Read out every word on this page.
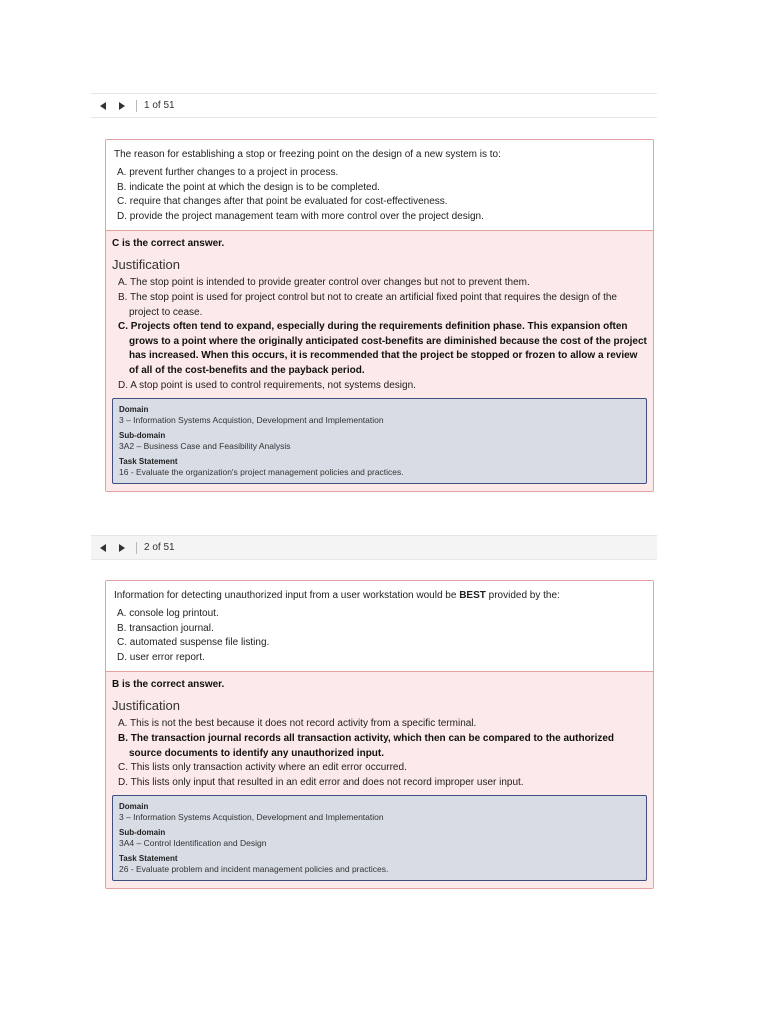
1 of 51
The reason for establishing a stop or freezing point on the design of a new system is to:
A. prevent further changes to a project in process.
B. indicate the point at which the design is to be completed.
C. require that changes after that point be evaluated for cost-effectiveness.
D. provide the project management team with more control over the project design.
C is the correct answer.
Justification
A. The stop point is intended to provide greater control over changes but not to prevent them.
B. The stop point is used for project control but not to create an artificial fixed point that requires the design of the project to cease.
C. Projects often tend to expand, especially during the requirements definition phase. This expansion often grows to a point where the originally anticipated cost-benefits are diminished because the cost of the project has increased. When this occurs, it is recommended that the project be stopped or frozen to allow a review of all of the cost-benefits and the payback period.
D. A stop point is used to control requirements, not systems design.
Domain
3 – Information Systems Acquistion, Development and Implementation
Sub-domain
3A2 – Business Case and Feasibility Analysis
Task Statement
16 - Evaluate the organization's project management policies and practices.
2 of 51
Information for detecting unauthorized input from a user workstation would be BEST provided by the:
A. console log printout.
B. transaction journal.
C. automated suspense file listing.
D. user error report.
B is the correct answer.
Justification
A. This is not the best because it does not record activity from a specific terminal.
B. The transaction journal records all transaction activity, which then can be compared to the authorized source documents to identify any unauthorized input.
C. This lists only transaction activity where an edit error occurred.
D. This lists only input that resulted in an edit error and does not record improper user input.
Domain
3 – Information Systems Acquistion, Development and Implementation
Sub-domain
3A4 – Control Identification and Design
Task Statement
26 - Evaluate problem and incident management policies and practices.
